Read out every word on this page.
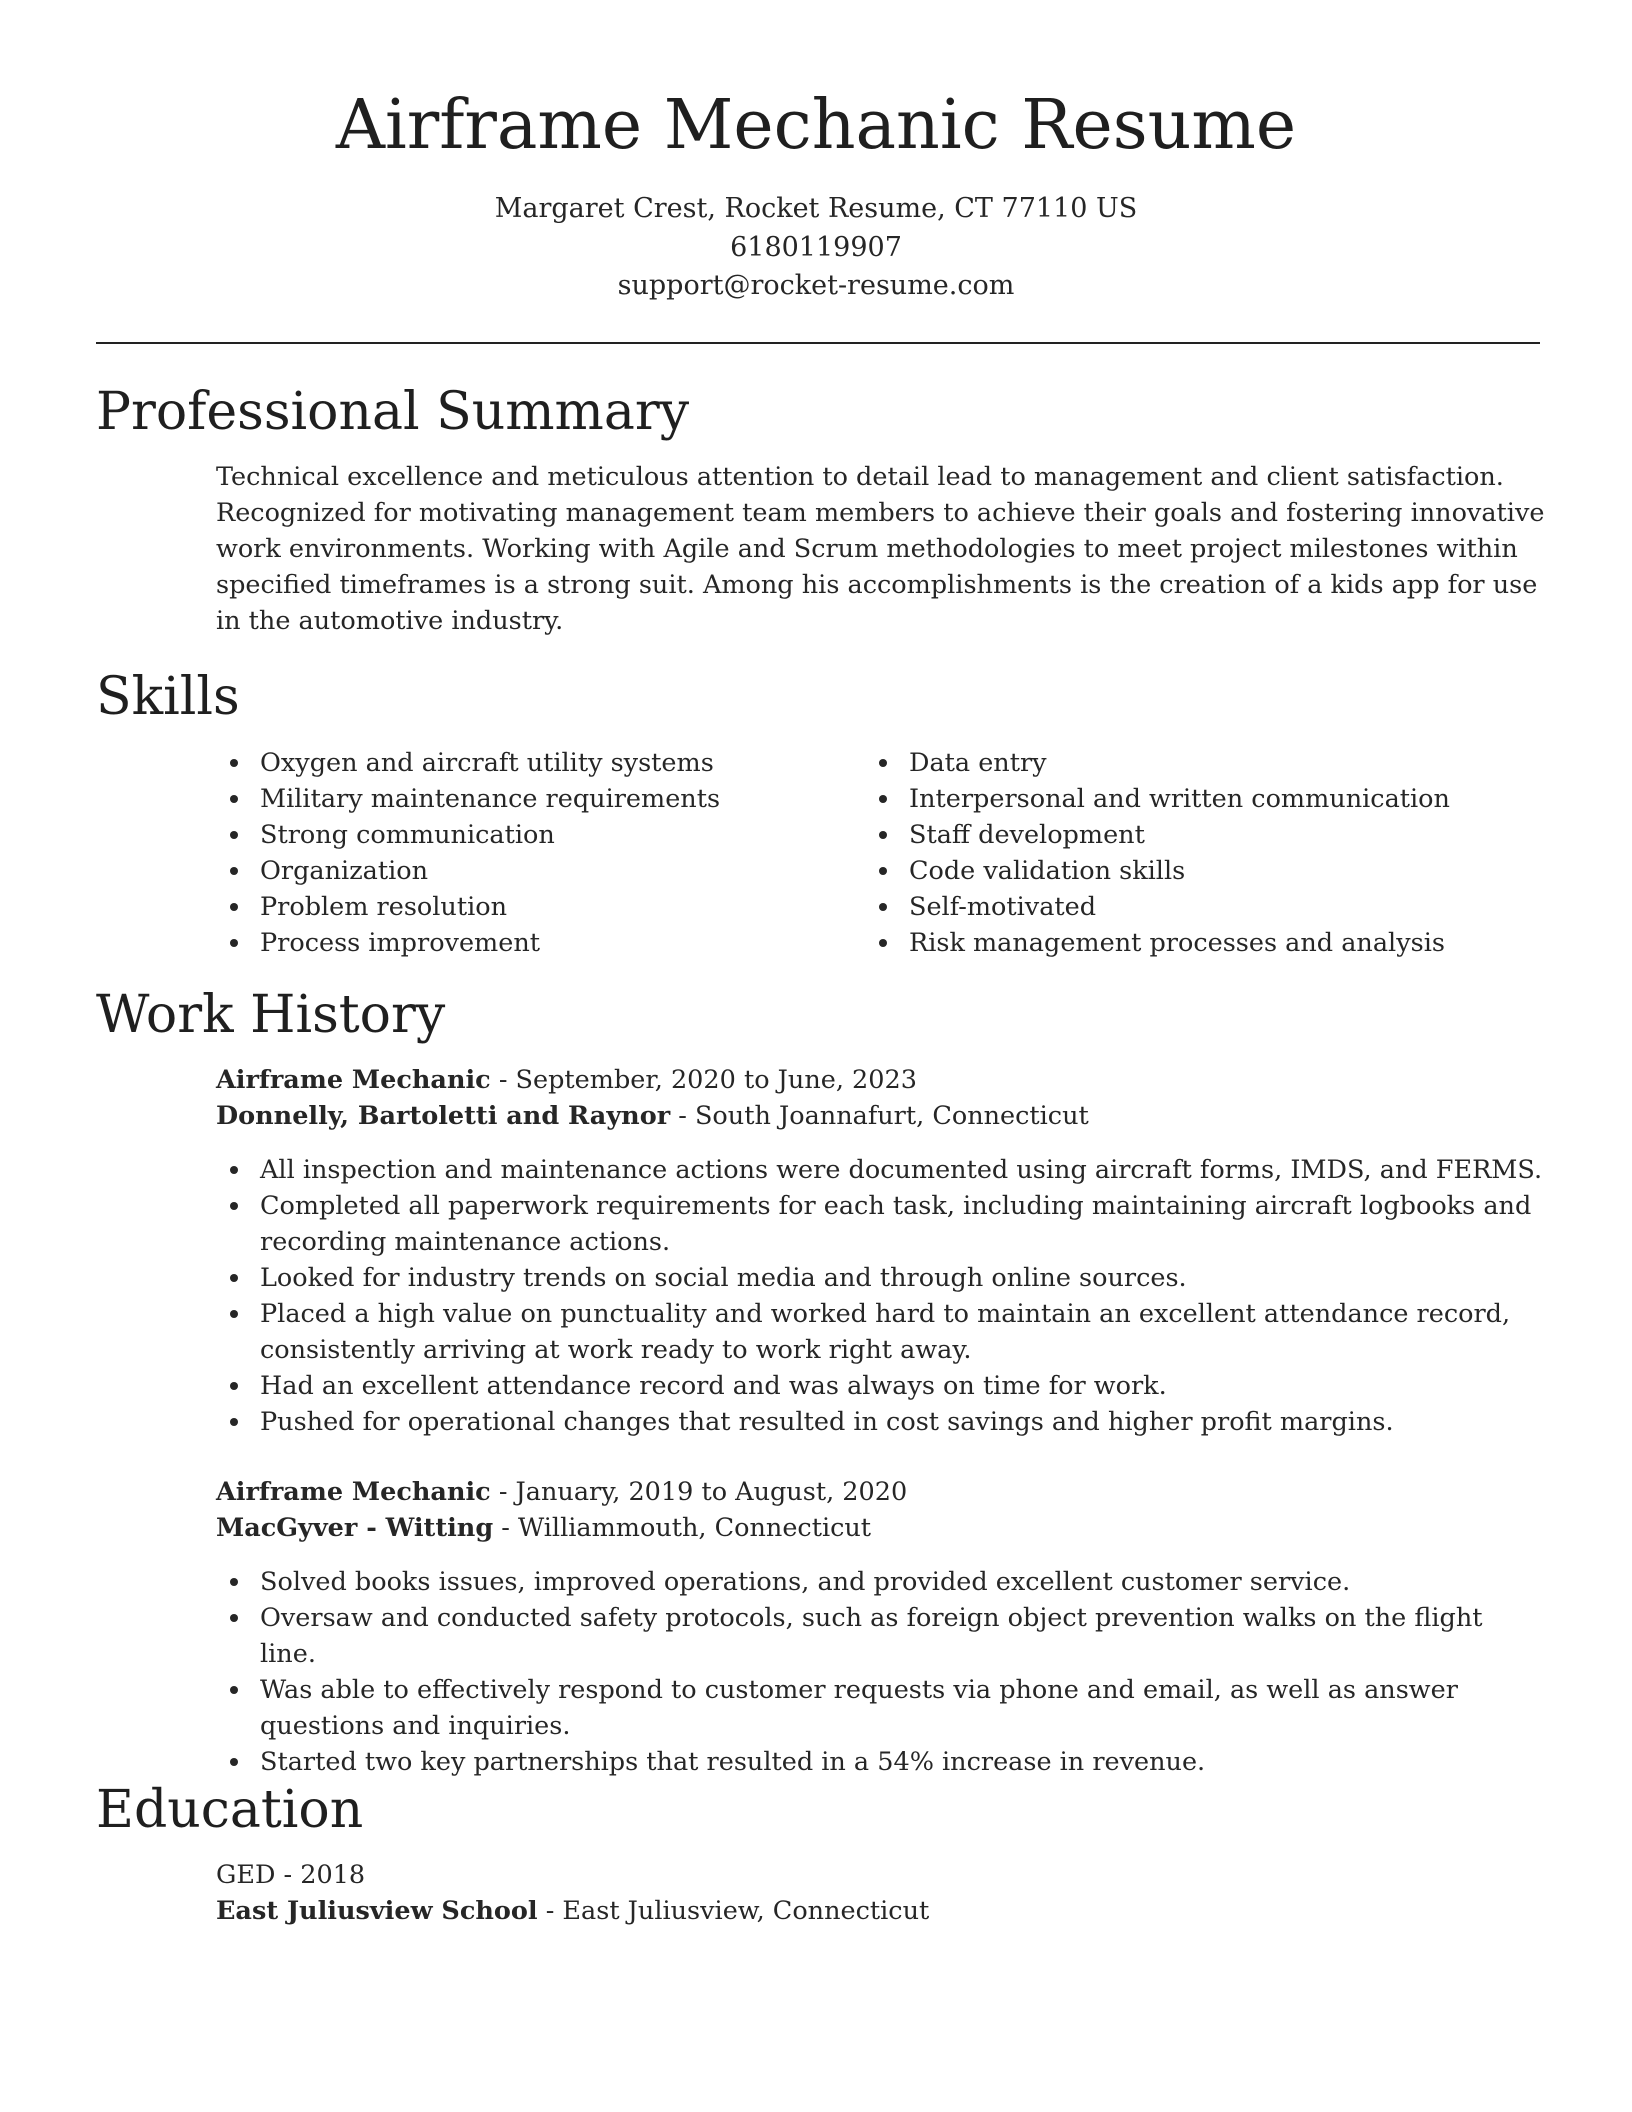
Airframe Mechanic Resume
Margaret Crest, Rocket Resume, CT 77110 US
6180119907
support@rocket-resume.com
Professional Summary

Technical excellence and meticulous attention to detail lead to management and client satisfaction. Recognized for motivating management team members to achieve their goals and fostering innovative work environments. Working with Agile and Scrum methodologies to meet project milestones within specified timeframes is a strong suit. Among his accomplishments is the creation of a kids app for use in the automotive industry.

Skills
Oxygen and aircraft utility systems
Military maintenance requirements
Strong communication
Organization
Problem resolution
Process improvement
Data entry
Interpersonal and written communication
Staff development
Code validation skills
Self-motivated
Risk management processes and analysis
Work History
Airframe Mechanic - September, 2020 to June, 2023
Donnelly, Bartoletti and Raynor - South Joannafurt, Connecticut
All inspection and maintenance actions were documented using aircraft forms, IMDS, and FERMS.
Completed all paperwork requirements for each task, including maintaining aircraft logbooks and recording maintenance actions.
Looked for industry trends on social media and through online sources.
Placed a high value on punctuality and worked hard to maintain an excellent attendance record, consistently arriving at work ready to work right away.
Had an excellent attendance record and was always on time for work.
Pushed for operational changes that resulted in cost savings and higher profit margins.
Airframe Mechanic - January, 2019 to August, 2020
MacGyver - Witting - Williammouth, Connecticut
Solved books issues, improved operations, and provided excellent customer service.
Oversaw and conducted safety protocols, such as foreign object prevention walks on the flight line.
Was able to effectively respond to customer requests via phone and email, as well as answer questions and inquiries.
Started two key partnerships that resulted in a 54% increase in revenue.
Education
GED - 2018
East Juliusview School - East Juliusview, Connecticut
